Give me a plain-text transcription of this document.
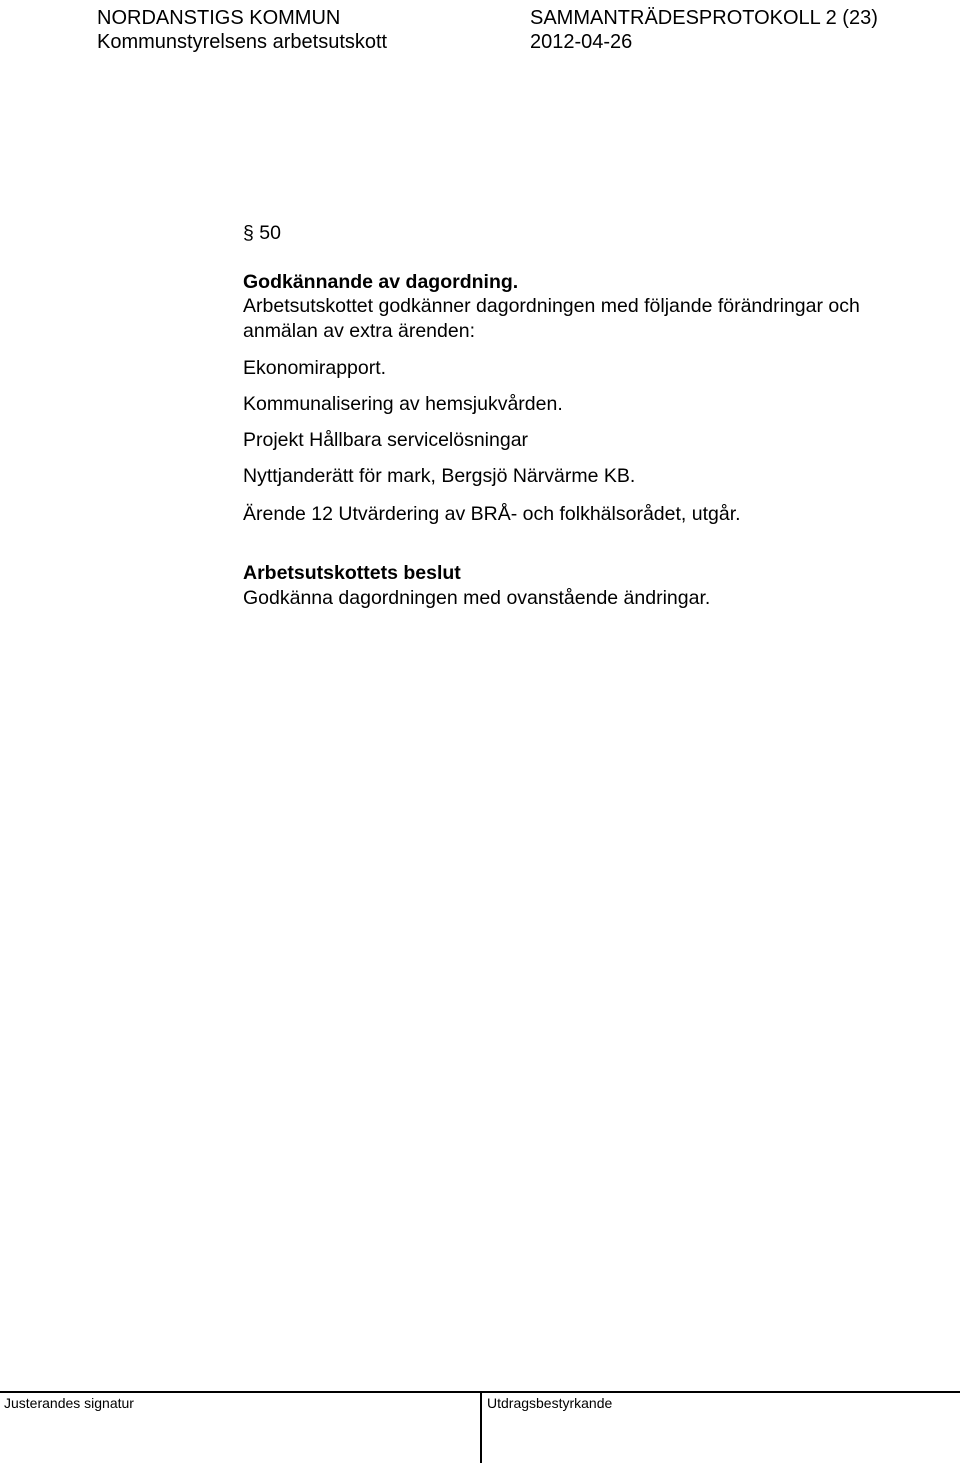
NORDANSTIGS KOMMUN	SAMMANTRÄDESPROTOKOLL 2 (23)
Kommunstyrelsens arbetsutskott	2012-04-26
§ 50
Godkännande av dagordning.
Arbetsutskottet godkänner dagordningen med följande förändringar och
anmälan av extra ärenden:
Ekonomirapport.
Kommunalisering av hemsjukvården.
Projekt Hållbara servicelösningar
Nyttjanderätt för mark, Bergsjö Närvärme KB.
Ärende 12 Utvärdering av BRÅ- och folkhälsorådet, utgår.
Arbetsutskottets beslut
Godkänna dagordningen med ovanstående ändringar.
Justerandes signatur	Utdragsbestyrkande
